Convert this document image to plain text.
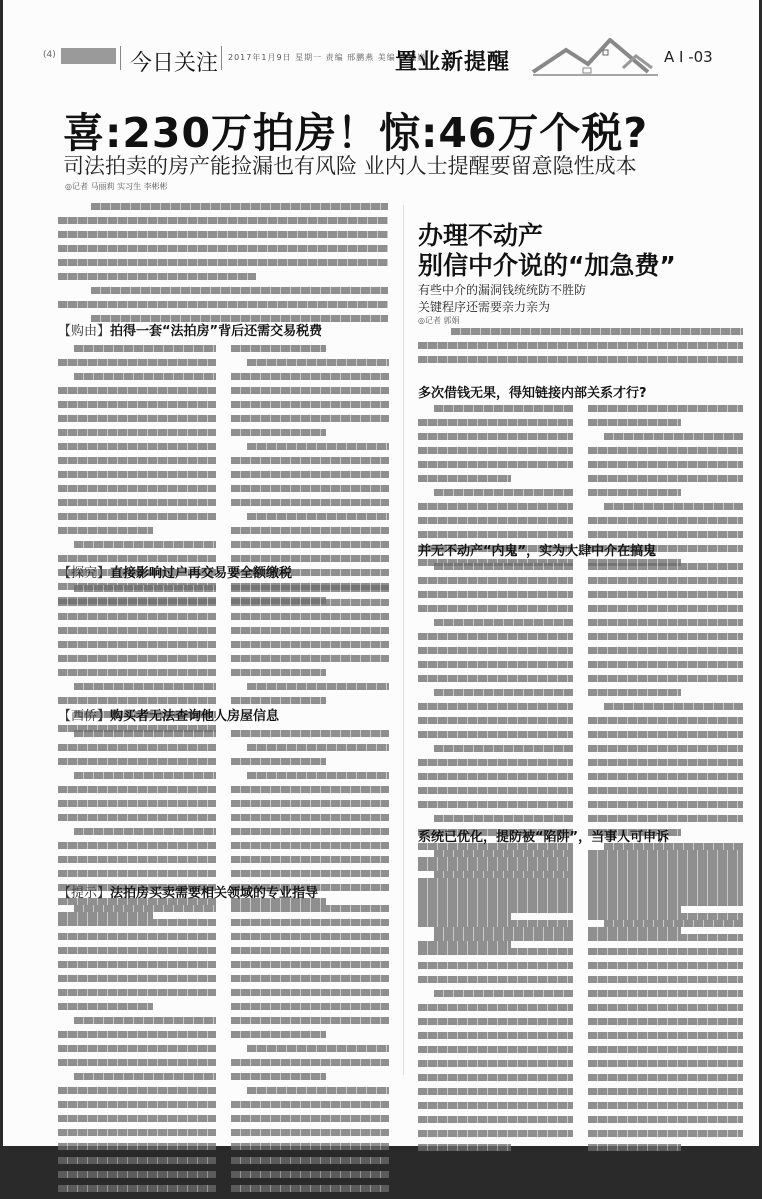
(4)	今日关注 2017年1月9日 星期一 责编 邢鹏燕 美编 张巍巍
置业新提醒	A I -03
喜:230万拍房！惊:46万个税?
司法拍卖的房产能捡漏也有风险 业内人士提醒要留意隐性成本
◎记者 马丽莉 实习生 李彬彬
【购由】拍得一套“法拍房”背后还需交易税费
【探究】直接影响过户再交易要全额缴税
【西侨】购买者无法查询他人房屋信息
【提示】法拍房买卖需要相关领域的专业指导
办理不动产
别信中介说的“加急费”
有些中介的漏洞钱统统防不胜防
关键程序还需要亲力亲为
◎记者 郭娟
多次借钱无果，得知链接内部关系才行?
并无不动产“内鬼”，实为大肆中介在搞鬼
系统已优化，提防被“陷阱”，当事人可申诉
